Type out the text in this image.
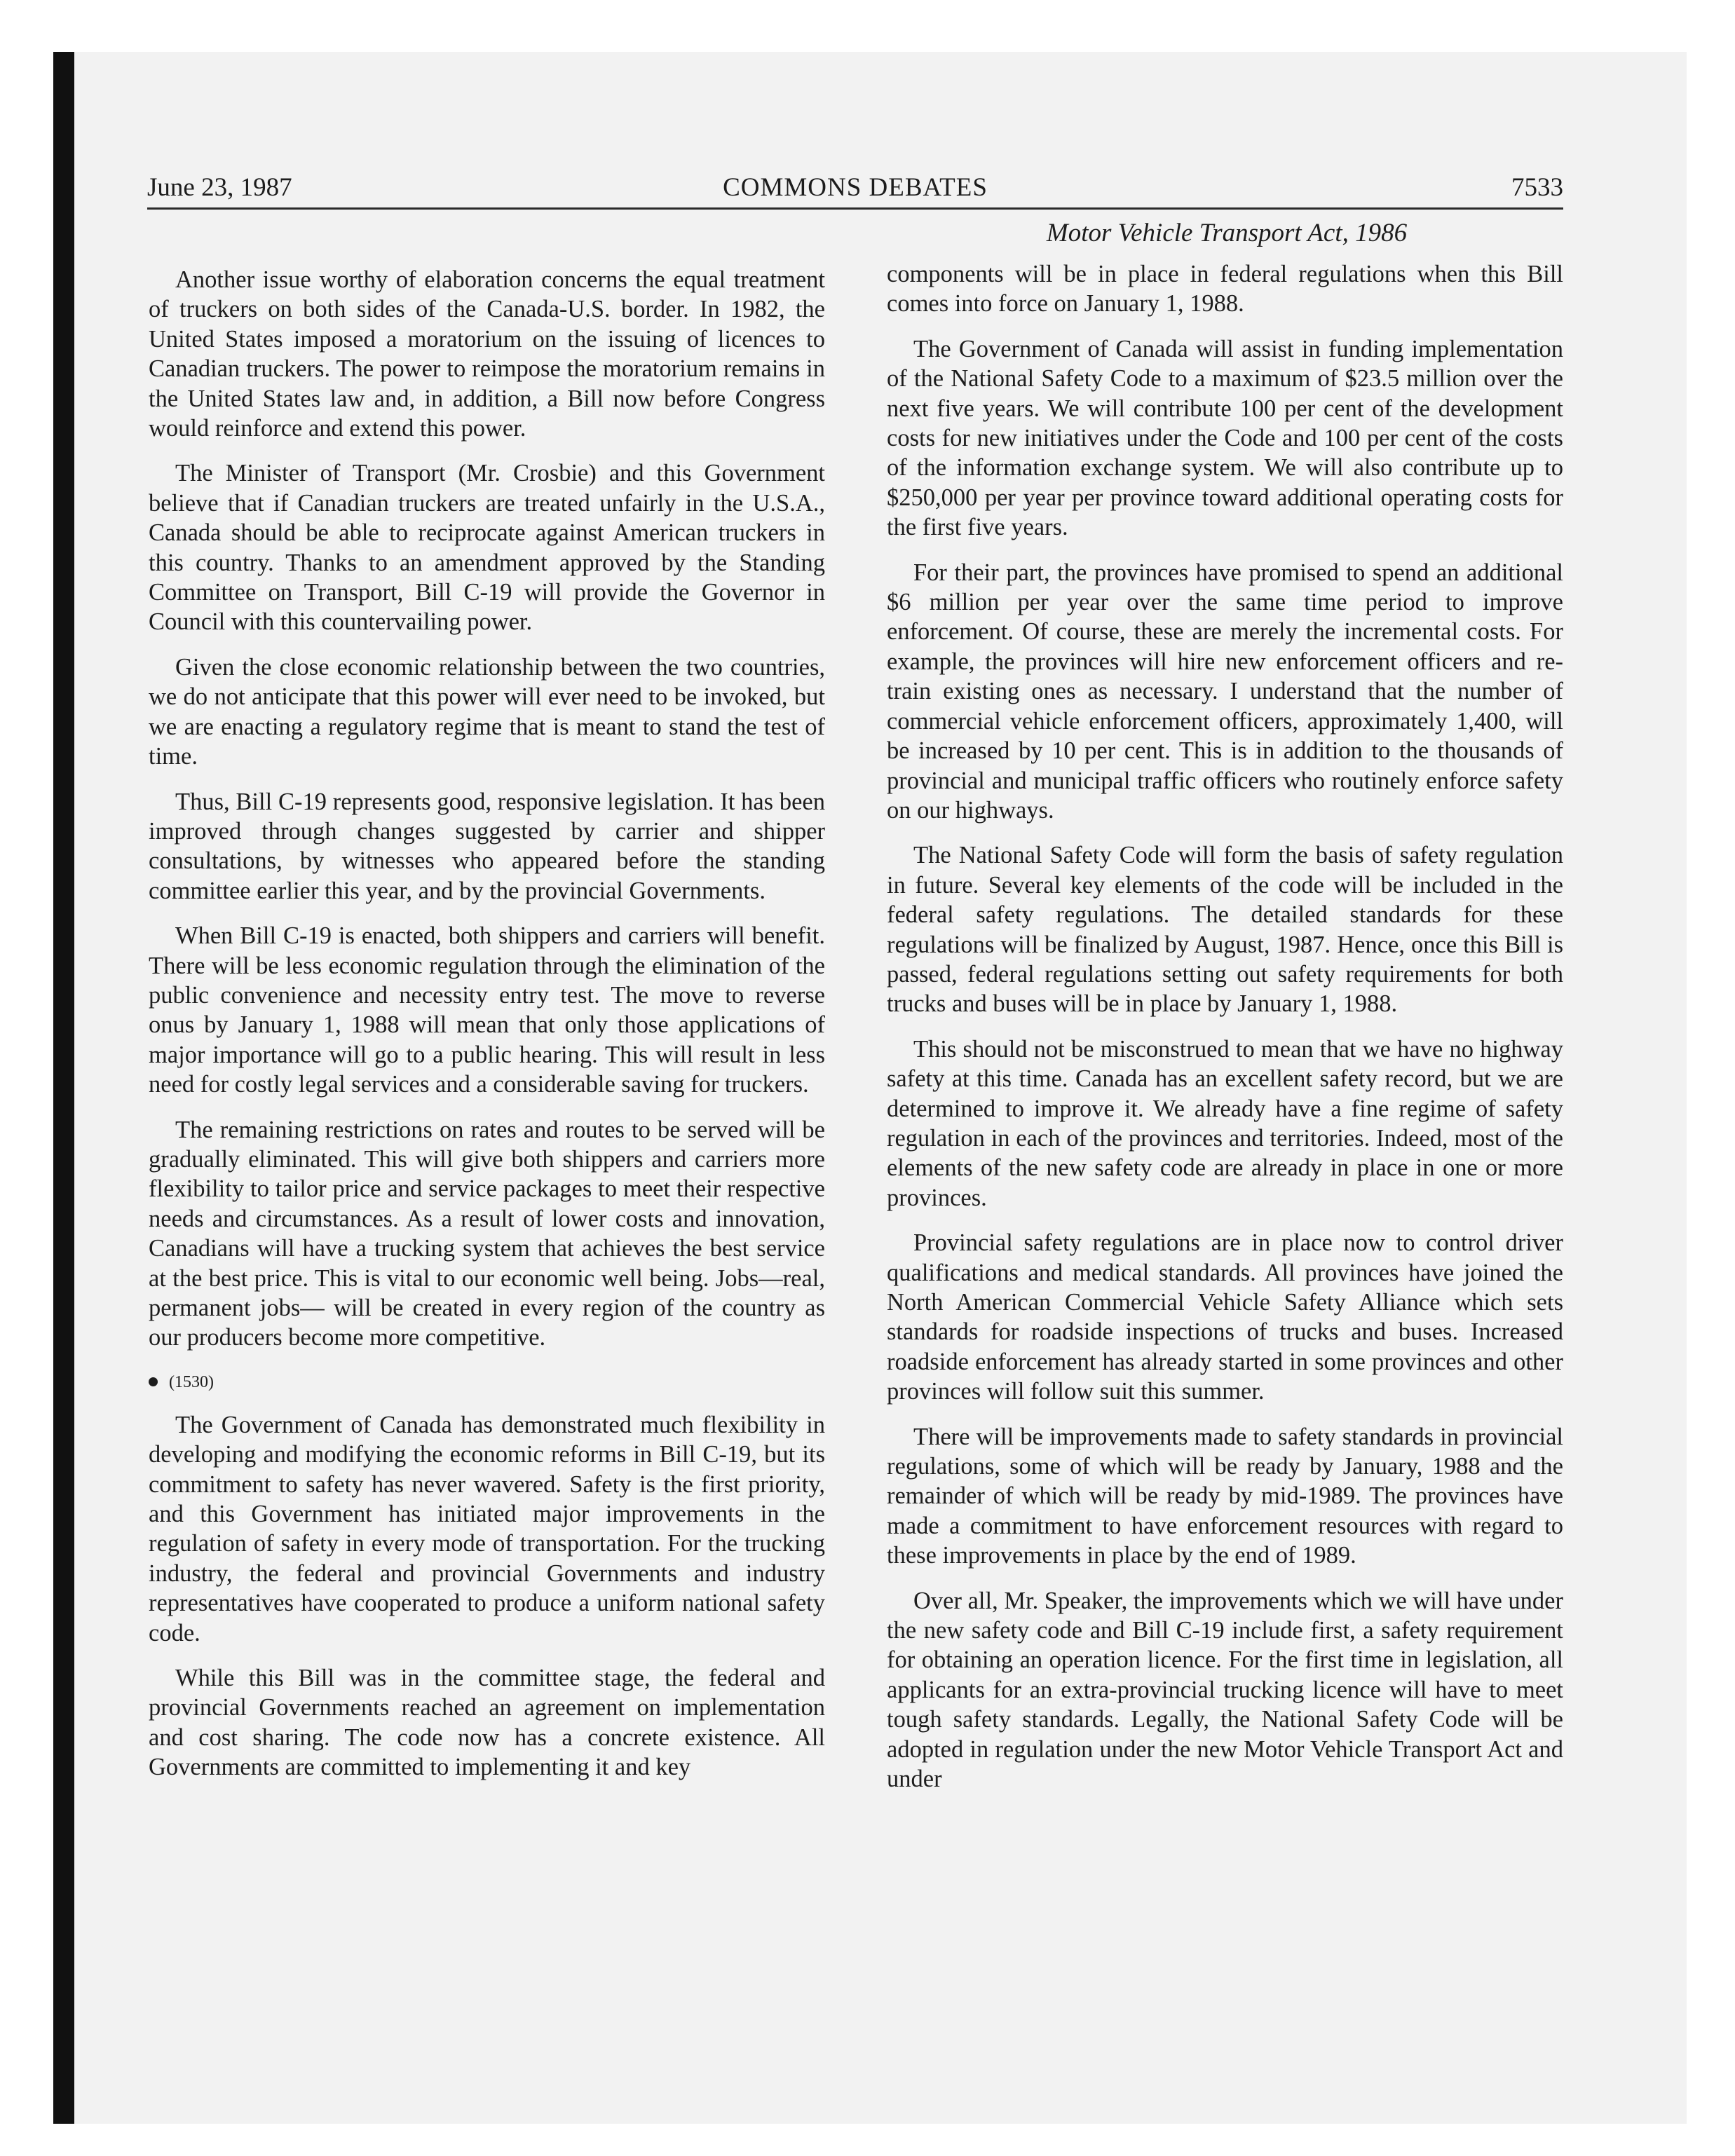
June 23, 1987	COMMONS DEBATES	7533
Motor Vehicle Transport Act, 1986

Another issue worthy of elaboration concerns the equal treatment of truckers on both sides of the Canada-U.S. border. In 1982, the United States imposed a moratorium on the issuing of licences to Canadian truckers. The power to reimpose the moratorium remains in the United States law and, in addition, a Bill now before Congress would reinforce and extend this power.

The Minister of Transport (Mr. Crosbie) and this Government believe that if Canadian truckers are treated unfairly in the U.S.A., Canada should be able to reciprocate against American truckers in this country. Thanks to an amendment approved by the Standing Committee on Transport, Bill C-19 will provide the Governor in Council with this countervailing power.

Given the close economic relationship between the two countries, we do not anticipate that this power will ever need to be invoked, but we are enacting a regulatory regime that is meant to stand the test of time.

Thus, Bill C-19 represents good, responsive legislation. It has been improved through changes suggested by carrier and shipper consultations, by witnesses who appeared before the standing committee earlier this year, and by the provincial Governments.

When Bill C-19 is enacted, both shippers and carriers will benefit. There will be less economic regulation through the elimination of the public convenience and necessity entry test. The move to reverse onus by January 1, 1988 will mean that only those applications of major importance will go to a public hearing. This will result in less need for costly legal services and a considerable saving for truckers.

The remaining restrictions on rates and routes to be served will be gradually eliminated. This will give both shippers and carriers more flexibility to tailor price and service packages to meet their respective needs and circumstances. As a result of lower costs and innovation, Canadians will have a trucking system that achieves the best service at the best price. This is vital to our economic well being. Jobs—real, permanent jobs— will be created in every region of the country as our producers become more competitive.

(1530)

The Government of Canada has demonstrated much flexibility in developing and modifying the economic reforms in Bill C-19, but its commitment to safety has never wavered. Safety is the first priority, and this Government has initiated major improvements in the regulation of safety in every mode of transportation. For the trucking industry, the federal and provincial Governments and industry representatives have cooperated to produce a uniform national safety code.

While this Bill was in the committee stage, the federal and provincial Governments reached an agreement on implementation and cost sharing. The code now has a concrete existence. All Governments are committed to implementing it and key

components will be in place in federal regulations when this Bill comes into force on January 1, 1988.

The Government of Canada will assist in funding implementation of the National Safety Code to a maximum of $23.5 million over the next five years. We will contribute 100 per cent of the development costs for new initiatives under the Code and 100 per cent of the costs of the information exchange system. We will also contribute up to $250,000 per year per province toward additional operating costs for the first five years.

For their part, the provinces have promised to spend an additional $6 million per year over the same time period to improve enforcement. Of course, these are merely the incremental costs. For example, the provinces will hire new enforcement officers and re-train existing ones as necessary. I understand that the number of commercial vehicle enforcement officers, approximately 1,400, will be increased by 10 per cent. This is in addition to the thousands of provincial and municipal traffic officers who routinely enforce safety on our highways.

The National Safety Code will form the basis of safety regulation in future. Several key elements of the code will be included in the federal safety regulations. The detailed standards for these regulations will be finalized by August, 1987. Hence, once this Bill is passed, federal regulations setting out safety requirements for both trucks and buses will be in place by January 1, 1988.

This should not be misconstrued to mean that we have no highway safety at this time. Canada has an excellent safety record, but we are determined to improve it. We already have a fine regime of safety regulation in each of the provinces and territories. Indeed, most of the elements of the new safety code are already in place in one or more provinces.

Provincial safety regulations are in place now to control driver qualifications and medical standards. All provinces have joined the North American Commercial Vehicle Safety Alliance which sets standards for roadside inspections of trucks and buses. Increased roadside enforcement has already started in some provinces and other provinces will follow suit this summer.

There will be improvements made to safety standards in provincial regulations, some of which will be ready by January, 1988 and the remainder of which will be ready by mid-1989. The provinces have made a commitment to have enforcement resources with regard to these improvements in place by the end of 1989.

Over all, Mr. Speaker, the improvements which we will have under the new safety code and Bill C-19 include first, a safety requirement for obtaining an operation licence. For the first time in legislation, all applicants for an extra-provincial trucking licence will have to meet tough safety standards. Legally, the National Safety Code will be adopted in regulation under the new Motor Vehicle Transport Act and under
